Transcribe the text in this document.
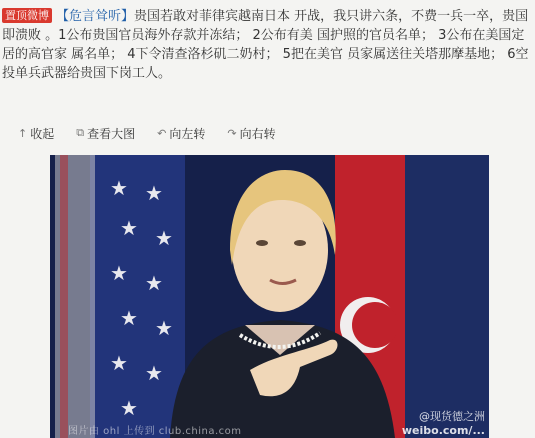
置顶微博 【危言耸听】贵国若敢对菲律宾越南日本 开战，我只讲六条，不费一兵一卒，贵国即溃败 。1公布贵国官员海外存款并冻结； 2公布有美 国护照的官员名单； 3公布在美国定居的高官家 属名单； 4下令清查洛杉矶二奶村； 5把在美官 员家属送往关塔那摩基地； 6空投单兵武器给贵国下岗工人。
↑ 收起 ⧉ 查看大图 ↶ 向左转 ↷ 向右转
★ ★
★ ★
★ ★
★ ★
★ ★
★
图片由 ohl 上传到 club.china.com
@现货德之洲
weibo.com/...
